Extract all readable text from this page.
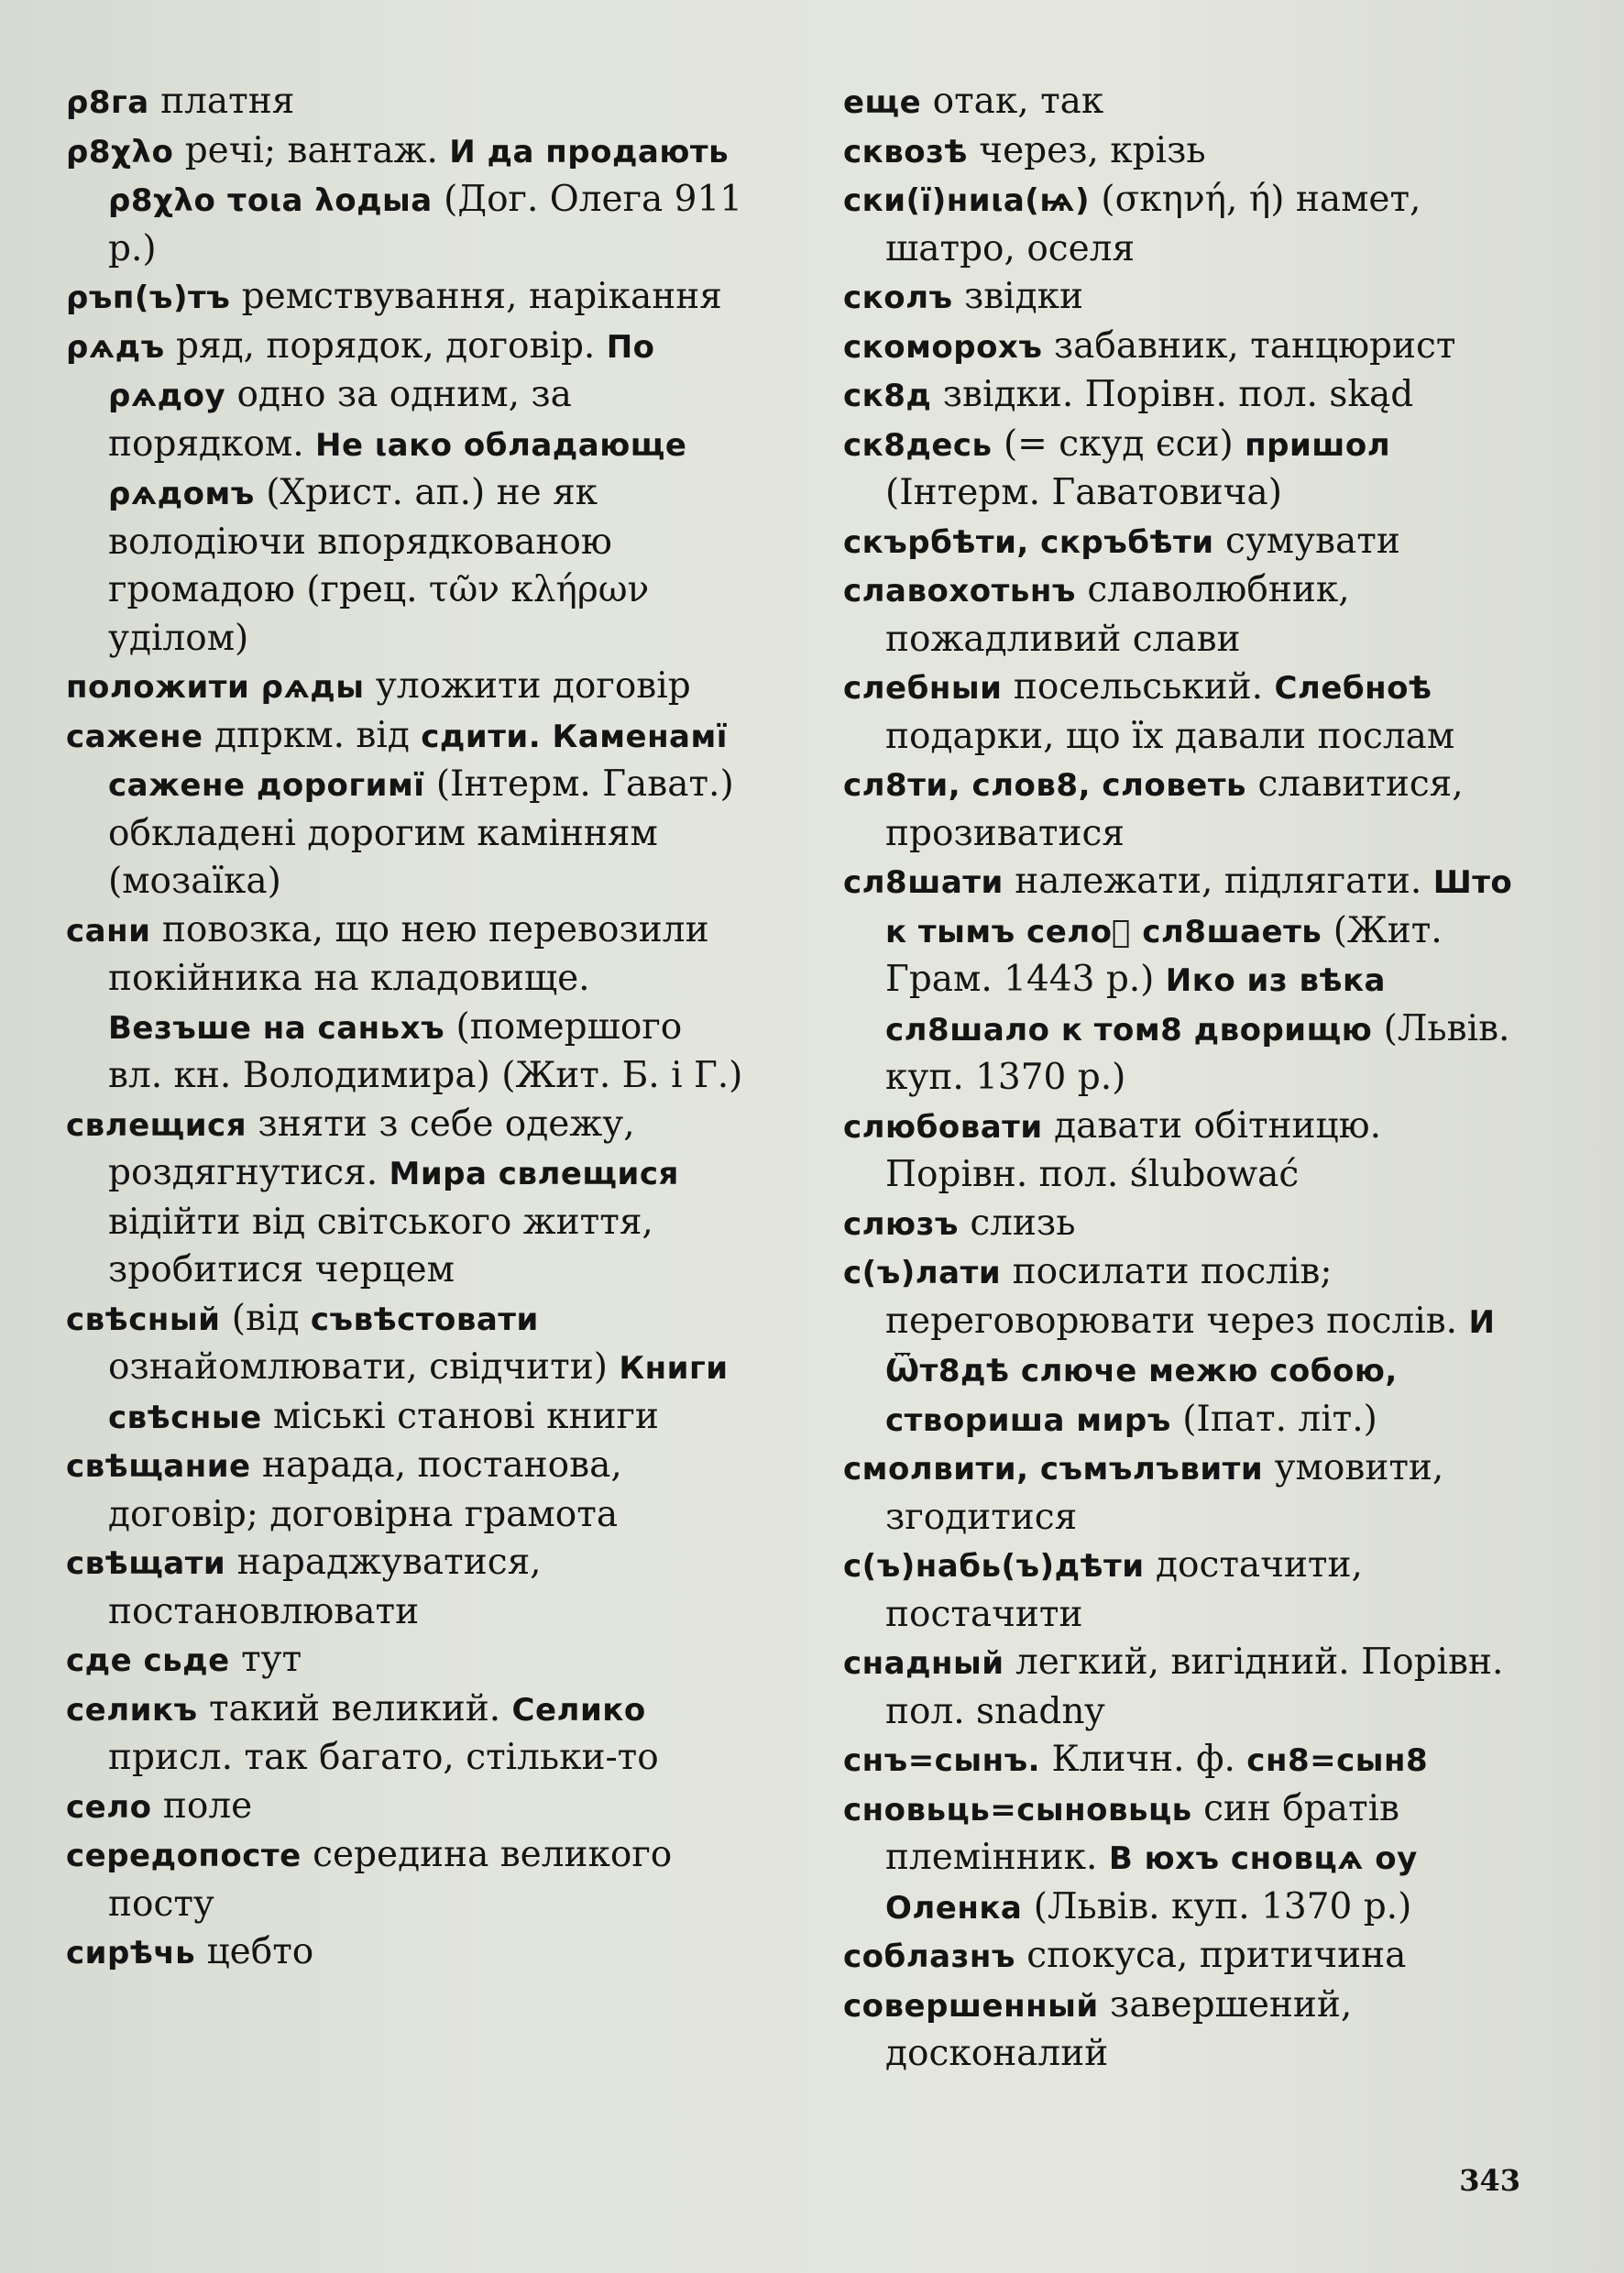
ρ8гa платня

ρ8χλο речі; вантаж. И да продають ρ8χλο τοιa λοдыa (Дог. Олега 911 р.)

ρъп(ъ)тъ ремствування, нарікання

ρѧдъ ряд, порядок, договір. По ρѧдоу одно за одним, за порядком. Не ιако обладающе ρѧдомъ (Христ. ап.) не як володіючи впорядкованою громадою (грец. τῶν κλήρων уділом)

положити ρѧды уложити договір

сажене дпркм. від сдити. Каменамї сажене дорогимї (Інтерм. Гават.) обкладені дорогим камінням (мозаїка)

сани повозка, що нею перевозили покійника на кладовище. Везъше на саньхъ (помершого вл. кн. Володимира) (Жит. Б. і Г.)

свлещися зняти з себе одежу, роздягнутися. Мира свлещися відійти від світського життя, зробитися черцем

свѣсный (від съвѣстовати ознайомлювати, свідчити) Книги свѣсные міські станові книги

свѣщание нарада, постанова, договір; договірна грамота

свѣщати нараджуватися, постановлювати

сде сьде тут

селикъ такий великий. Селико присл. так багато, стільки-то

село поле

середопосте середина великого посту

сирѣчь цебто

еще отак, так

сквозѣ через, крізь

ски(ї)ниιa(ѩ) (σκηνή, ή) намет, шатро, оселя

сколъ звідки

скоморохъ забавник, танцюрист

ск8д звідки. Порівн. пол. skąd

ск8десь (= скуд єси) пришол (Інтерм. Гаватовича)

скърбѣти, скръбѣти сумувати

славохотьнъ славолюбник, пожадливий слави

слебныи посельський. Слебноѣ подарки, що їх давали послам

сл8ти, слов8, словеть славитися, прозиватися

сл8шати належати, підлягати. Што к тымъ селоⷽ сл8шаеть (Жит. Грам. 1443 р.) Ико из вѣка сл8шало к том8 дворищю (Львів. куп. 1370 р.)

слюбовати давати обітницю. Порівн. пол. ślubować

слюзъ слизь

с(ъ)лати посилати послів; переговорювати через послів. И Ѿт8дѣ слюче межю собою, створиша миръ (Іпат. літ.)

смолвити, съмълъвити умовити, згодитися

с(ъ)набь(ъ)дѣти достачити, постачити

снадный легкий, вигідний. Порівн. пол. snadny

снъ=сынъ. Кличн. ф. сн8=сын8

сновьць=сыновьць син братів племінник. В юхъ сновцѧ оу Оленка (Львів. куп. 1370 р.)

соблазнъ спокуса, притичина

совершенный завершений, досконалий

343
